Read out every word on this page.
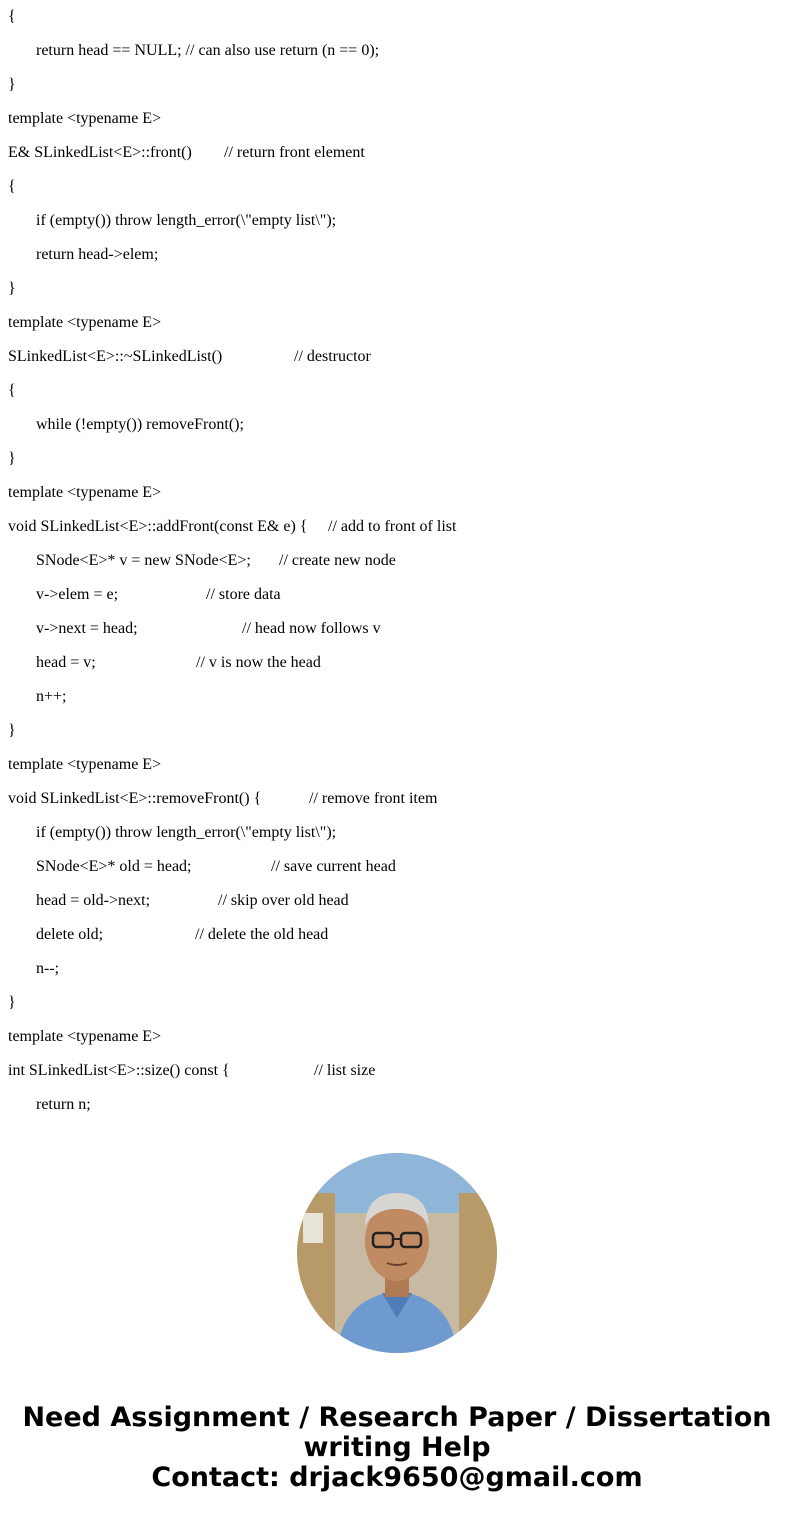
{
return head == NULL; // can also use return (n == 0);
}
template <typename E>
E& SLinkedList<E>::front() // return front element
{
if (empty()) throw length_error(\"empty list\");
return head->elem;
}
template <typename E>
SLinkedList<E>::~SLinkedList()	// destructor
{
while (!empty()) removeFront();
}
template <typename E>
void SLinkedList<E>::addFront(const E& e) { // add to front of list
SNode<E>* v = new SNode<E>; // create new node
v->elem = e;	// store data
v->next = head;	// head now follows v
head = v;	// v is now the head
n++;
}
template <typename E>
void SLinkedList<E>::removeFront() {	// remove front item
if (empty()) throw length_error(\"empty list\");
SNode<E>* old = head;	// save current head
head = old->next;	// skip over old head
delete old;	// delete the old head
n--;
}
template <typename E>
int SLinkedList<E>::size() const {	// list size
return n;
Need Assignment / Research Paper / Dissertation
writing Help
Contact: drjack9650@gmail.com
